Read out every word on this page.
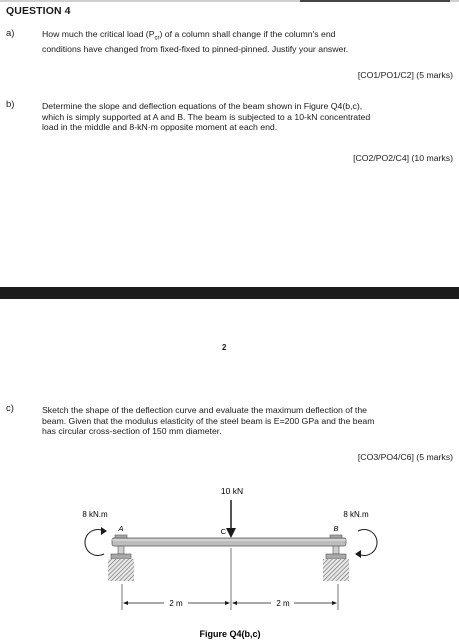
QUESTION 4
a)	How much the critical load $(P_{cr})$ of a column shall change if the column's end
conditions have changed from fixed-fixed to pinned-pinned. Justify your answer.
[CO1/PO1/C2] (5 marks)
b)	Determine the slope and deflection equations of the beam shown in Figure Q4(b,c),
which is simply supported at A and B. The beam is subjected to a 10-kN concentrated
load in the middle and 8-kN·m opposite moment at each end.
[CO2/PO2/C4] (10 marks)
2
c)	Sketch the shape of the deflection curve and evaluate the maximum deflection of the
beam. Given that the modulus elasticity of the steel beam is E=200 GPa and the beam
has circular cross-section of 150 mm diameter.
[CO3/PO4/C6] (5 marks)
10 kN
C
8 kN.m	8 kN.m
A	B
2 m	2 m
Figure Q4(b,c)
